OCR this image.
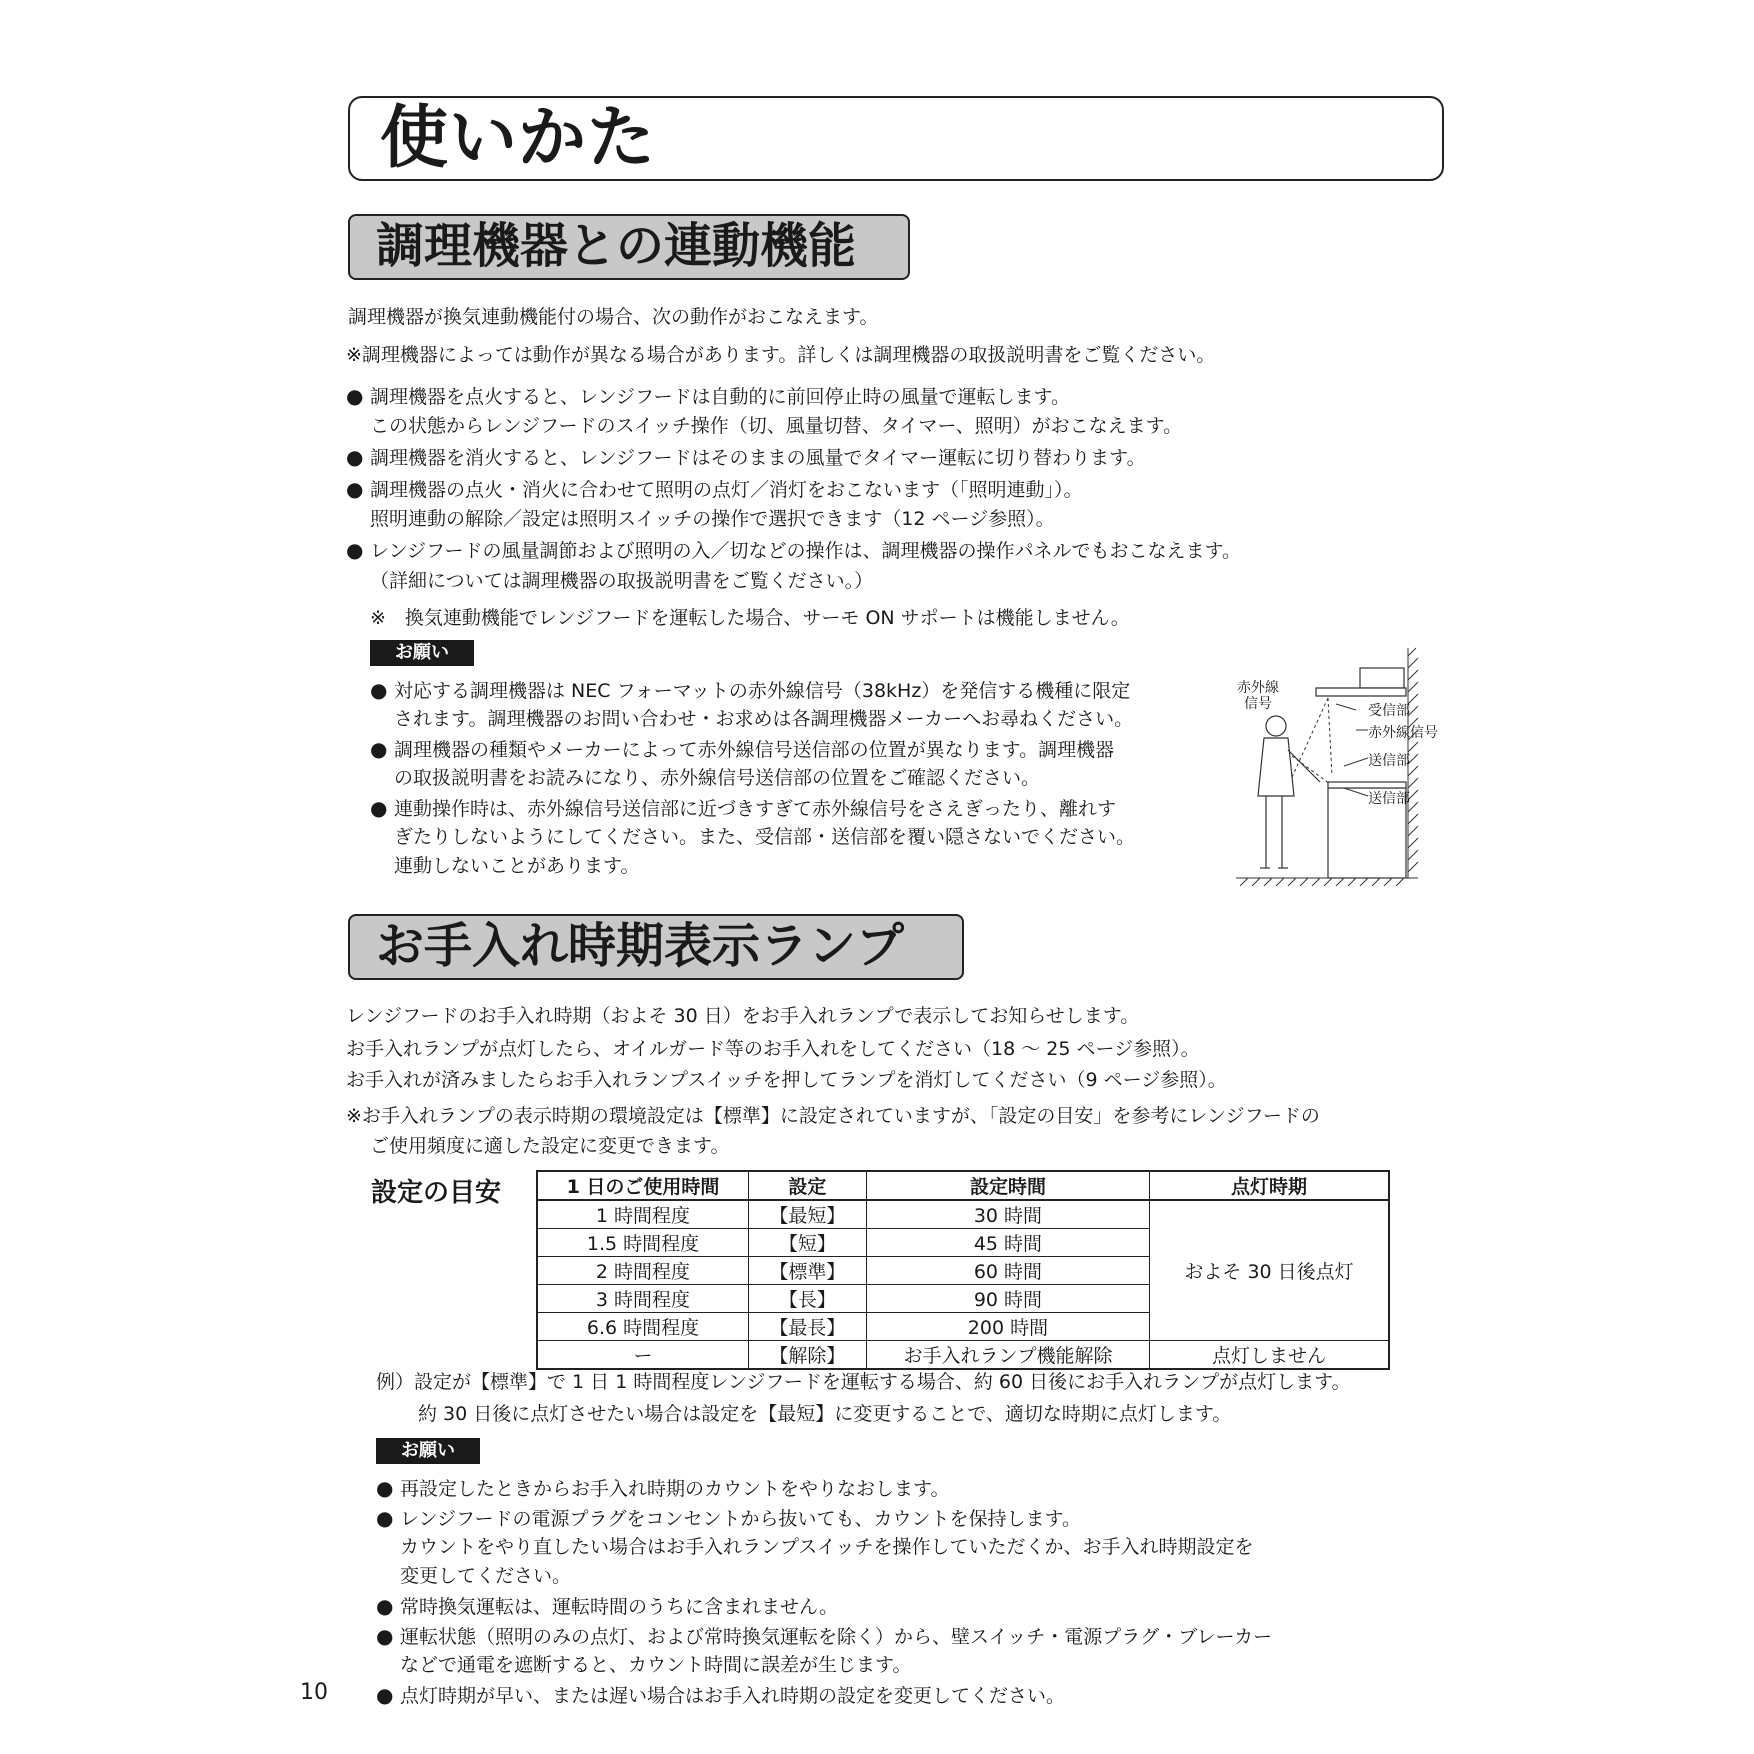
使いかた
調理機器との連動機能
調理機器が換気連動機能付の場合、次の動作がおこなえます。
※調理機器によっては動作が異なる場合があります。詳しくは調理機器の取扱説明書をご覧ください。
● 調理機器を点火すると、レンジフードは自動的に前回停止時の風量で運転します。
この状態からレンジフードのスイッチ操作（切、風量切替、タイマー、照明）がおこなえます。
● 調理機器を消火すると、レンジフードはそのままの風量でタイマー運転に切り替わります。
● 調理機器の点火・消火に合わせて照明の点灯／消灯をおこないます（「照明連動」）。
照明連動の解除／設定は照明スイッチの操作で選択できます（12 ページ参照）。
● レンジフードの風量調節および照明の入／切などの操作は、調理機器の操作パネルでもおこなえます。
（詳細については調理機器の取扱説明書をご覧ください。）
※　換気連動機能でレンジフードを運転した場合、サーモ ON サポートは機能しません。
お願い
● 対応する調理機器は NEC フォーマットの赤外線信号（38kHz）を発信する機種に限定
されます。調理機器のお問い合わせ・お求めは各調理機器メーカーへお尋ねください。
● 調理機器の種類やメーカーによって赤外線信号送信部の位置が異なります。調理機器
の取扱説明書をお読みになり、赤外線信号送信部の位置をご確認ください。
● 連動操作時は、赤外線信号送信部に近づきすぎて赤外線信号をさえぎったり、離れす
ぎたりしないようにしてください。また、受信部・送信部を覆い隠さないでください。
連動しないことがあります。
赤外線
信号	受信部
赤外線信号
送信部
送信部
お手入れ時期表示ランプ
レンジフードのお手入れ時期（およそ 30 日）をお手入れランプで表示してお知らせします。
お手入れランプが点灯したら、オイルガード等のお手入れをしてください（18 ～ 25 ページ参照）。
お手入れが済みましたらお手入れランプスイッチを押してランプを消灯してください（9 ページ参照）。
※お手入れランプの表示時期の環境設定は【標準】に設定されていますが、「設定の目安」を参考にレンジフードの
ご使用頻度に適した設定に変更できます。
設定の目安	1 日のご使用時間	設定	設定時間	点灯時期
1 時間程度	【最短】	30 時間	およそ 30 日後点灯
1.5 時間程度	【短】	45 時間	
2 時間程度	【標準】	60 時間	
3 時間程度	【長】	90 時間	
6.6 時間程度	【最長】	200 時間	
ー	【解除】	お手入れランプ機能解除	点灯しません
例）設定が【標準】で 1 日 1 時間程度レンジフードを運転する場合、約 60 日後にお手入れランプが点灯します。
約 30 日後に点灯させたい場合は設定を【最短】に変更することで、適切な時期に点灯します。
お願い
● 再設定したときからお手入れ時期のカウントをやりなおします。
● レンジフードの電源プラグをコンセントから抜いても、カウントを保持します。
カウントをやり直したい場合はお手入れランプスイッチを操作していただくか、お手入れ時期設定を
変更してください。
● 常時換気運転は、運転時間のうちに含まれません。
● 運転状態（照明のみの点灯、および常時換気運転を除く）から、壁スイッチ・電源プラグ・ブレーカー
などで通電を遮断すると、カウント時間に誤差が生じます。
● 点灯時期が早い、または遅い場合はお手入れ時期の設定を変更してください。
10
